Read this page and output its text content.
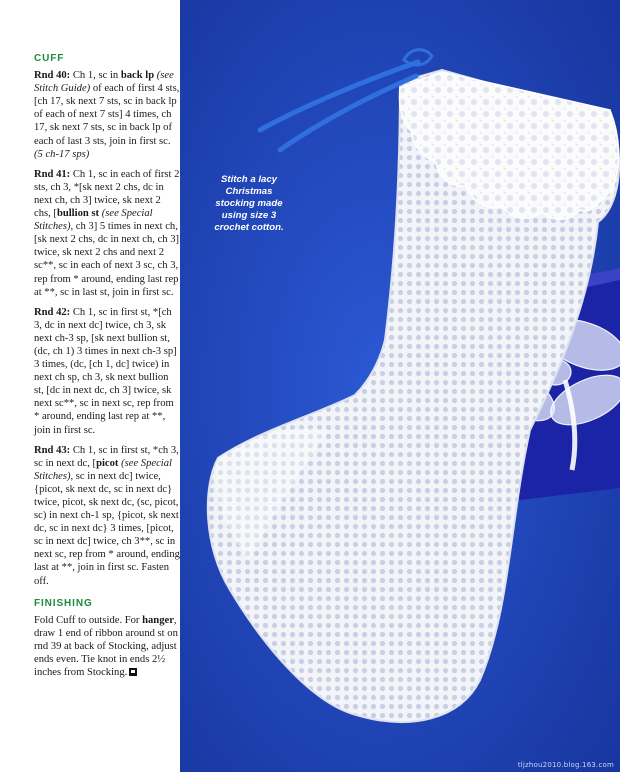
CUFF

Rnd 40: Ch 1, sc in back lp (see Stitch Guide) of each of first 4 sts, [ch 17, sk next 7 sts, sc in back lp of each of next 7 sts] 4 times, ch 17, sk next 7 sts, sc in back lp of each of last 3 sts, join in first sc. (5 ch-17 sps)

Rnd 41: Ch 1, sc in each of first 2 sts, ch 3, *[sk next 2 chs, dc in next ch, ch 3] twice, sk next 2 chs, [bullion st (see Special Stitches), ch 3] 5 times in next ch, [sk next 2 chs, dc in next ch, ch 3] twice, sk next 2 chs and next 2 sc**, sc in each of next 3 sc, ch 3, rep from * around, ending last rep at **, sc in last st, join in first sc.

Rnd 42: Ch 1, sc in first st, *[ch 3, dc in next dc] twice, ch 3, sk next ch-3 sp, [sk next bullion st, (dc, ch 1) 3 times in next ch-3 sp] 3 times, (dc, [ch 1, dc] twice) in next ch sp, ch 3, sk next bullion st, [dc in next dc, ch 3] twice, sk next sc**, sc in next sc, rep from * around, ending last rep at **, join in first sc.

Rnd 43: Ch 1, sc in first st, *ch 3, sc in next dc, [picot (see Special Stitches), sc in next dc] twice, {picot, sk next dc, sc in next dc} twice, picot, sk next dc, (sc, picot, sc) in next ch-1 sp, {picot, sk next dc, sc in next dc} 3 times, [picot, sc in next dc] twice, ch 3**, sc in next sc, rep from * around, ending last at **, join in first sc. Fasten off.

FINISHING

Fold Cuff to outside. For hanger, draw 1 end of ribbon around st on rnd 39 at back of Stocking, adjust ends even. Tie knot in ends 2½ inches from Stocking.

Stitch a lacy Christmas stocking made using size 3 crochet cotton.
tljzhou2010.blog.163.com
